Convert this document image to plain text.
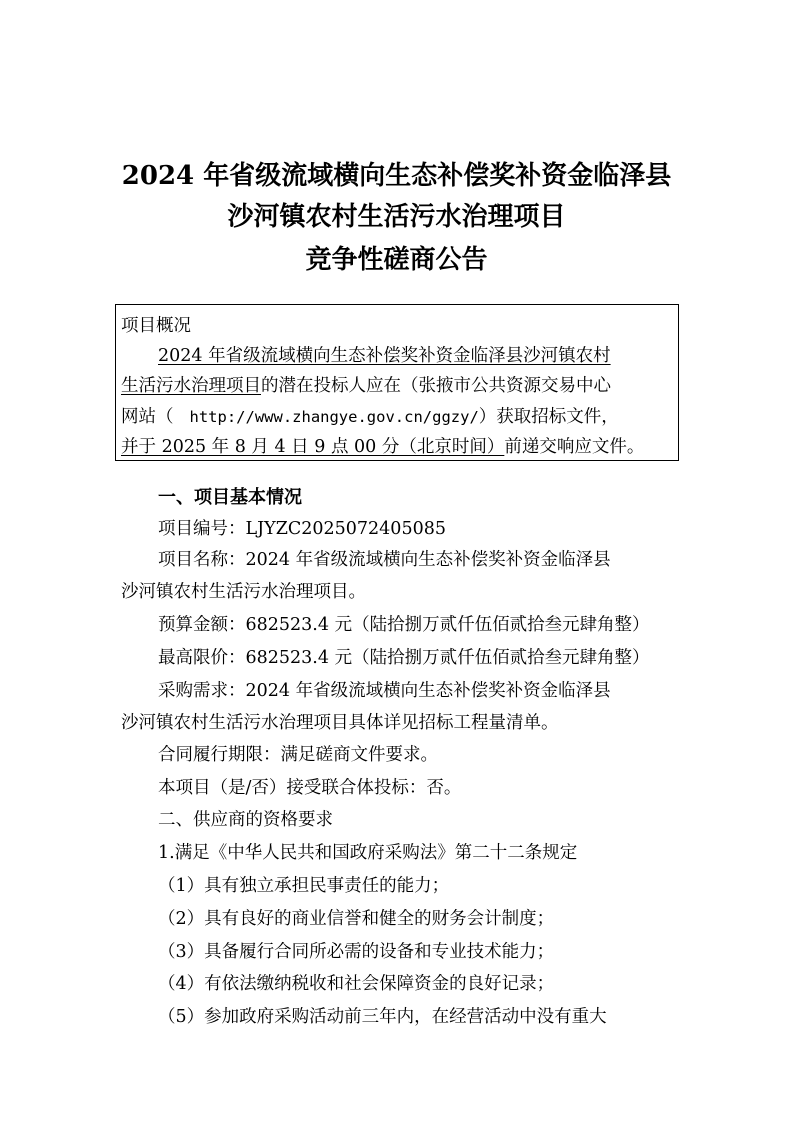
2024 年省级流域横向生态补偿奖补资金临泽县
沙河镇农村生活污水治理项目
竞争性磋商公告
项目概况
2024 年省级流域横向生态补偿奖补资金临泽县沙河镇农村
生活污水治理项目的潜在投标人应在（张掖市公共资源交易中心
网站（ http://www.zhangye.gov.cn/ggzy/）获取招标文件，
并于 2025 年 8 月 4 日 9 点 00 分（北京时间）前递交响应文件。
一、项目基本情况
项目编号：LJYZC2025072405085
项目名称：2024 年省级流域横向生态补偿奖补资金临泽县
沙河镇农村生活污水治理项目。
预算金额：682523.4 元（陆拾捌万贰仟伍佰贰拾叁元肆角整）
最高限价：682523.4 元（陆拾捌万贰仟伍佰贰拾叁元肆角整）
采购需求：2024 年省级流域横向生态补偿奖补资金临泽县
沙河镇农村生活污水治理项目具体详见招标工程量清单。
合同履行期限：满足磋商文件要求。
本项目（是/否）接受联合体投标：否。
二、供应商的资格要求
1.满足《中华人民共和国政府采购法》第二十二条规定
（1）具有独立承担民事责任的能力；
（2）具有良好的商业信誉和健全的财务会计制度；
（3）具备履行合同所必需的设备和专业技术能力；
（4）有依法缴纳税收和社会保障资金的良好记录；
（5）参加政府采购活动前三年内，在经营活动中没有重大
